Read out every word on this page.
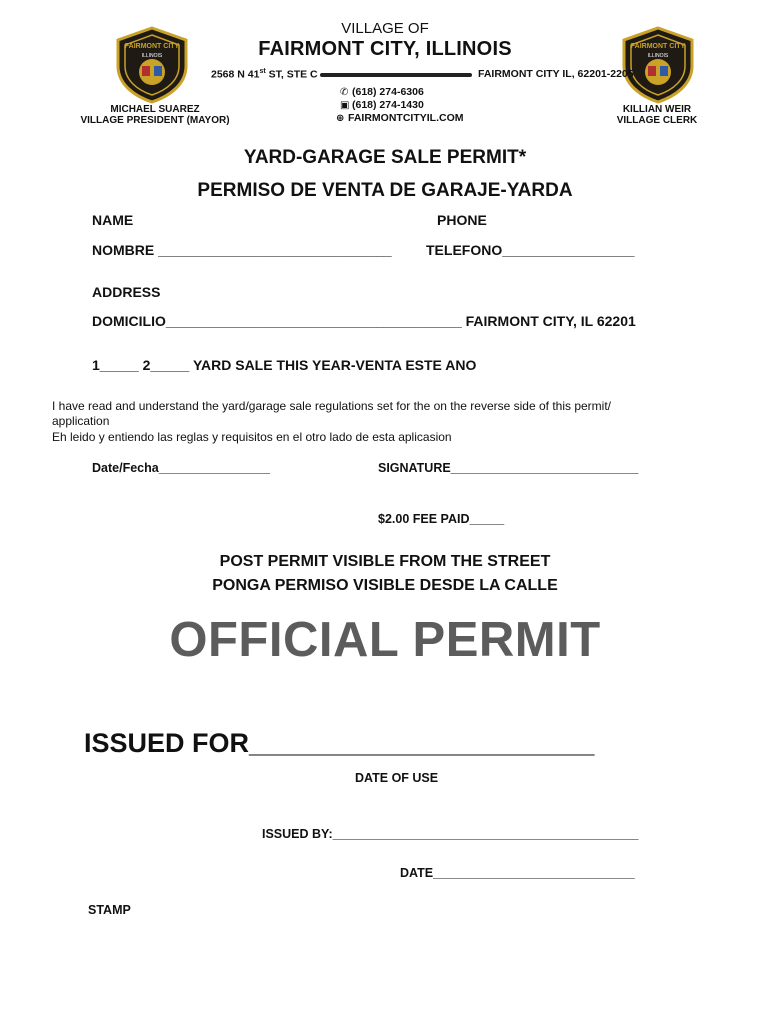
FAIRMONT CITY
ILLINOIS
FAIRMONT CITY
ILLINOIS
VILLAGE OF
FAIRMONT CITY, ILLINOIS
2568 N 41st ST, STE C	FAIRMONT CITY IL, 62201-2205
✆ (618) 274-6306
▣ (618) 274-1430
⊕ FAIRMONTCITYIL.COM
MICHAEL SUAREZ
VILLAGE PRESIDENT (MAYOR)
KILLIAN WEIR
VILLAGE CLERK
YARD-GARAGE SALE PERMIT*
PERMISO DE VENTA DE GARAJE-YARDA
NAME
NOMBRE ______________________________
PHONE
TELEFONO_________________
ADDRESS
DOMICILIO______________________________________ FAIRMONT CITY, IL 62201
1_____ 2_____ YARD SALE THIS YEAR-VENTA ESTE ANO
I have read and understand the yard/garage sale regulations set for the on the reverse side of this permit/
application
Eh leido y entiendo las reglas y requisitos en el otro lado de esta aplicasion
Date/Fecha________________	SIGNATURE___________________________
$2.00 FEE PAID_____
POST PERMIT VISIBLE FROM THE STREET
PONGA PERMISO VISIBLE DESDE LA CALLE
OFFICIAL PERMIT
ISSUED FOR_______________________
DATE OF USE
ISSUED BY:____________________________________________
DATE_____________________________
STAMP
